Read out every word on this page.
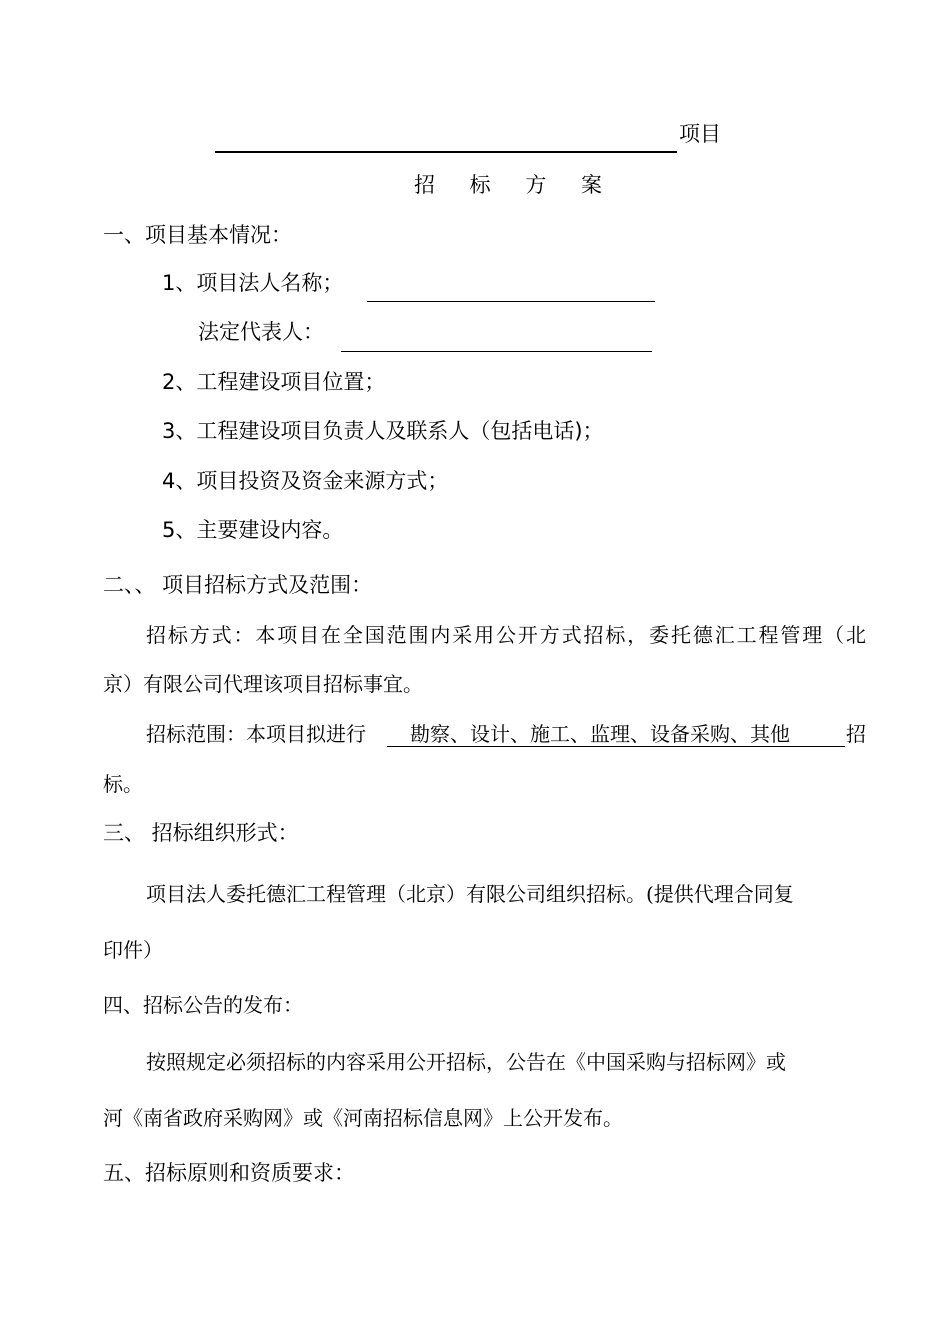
项目
招 标 方 案
一、项目基本情况：
1、项目法人名称；
法定代表人：
2、工程建设项目位置；
3、工程建设项目负责人及联系人（包括电话)；
4、项目投资及资金来源方式；
5、主要建设内容。
二、、 项目招标方式及范围：
招标方式：本项目在全国范围内采用公开方式招标，委托德汇工程管理（北
京）有限公司代理该项目招标事宜。
招标范围：本项目拟进行 勘察、设计、施工、监理、设备采购、其他	招
标。
三、 招标组织形式：
项目法人委托德汇工程管理（北京）有限公司组织招标。(提供代理合同复
印件）
四、招标公告的发布：
按照规定必须招标的内容采用公开招标，公告在《中国采购与招标网》或
河《南省政府采购网》或《河南招标信息网》上公开发布。
五、招标原则和资质要求：
